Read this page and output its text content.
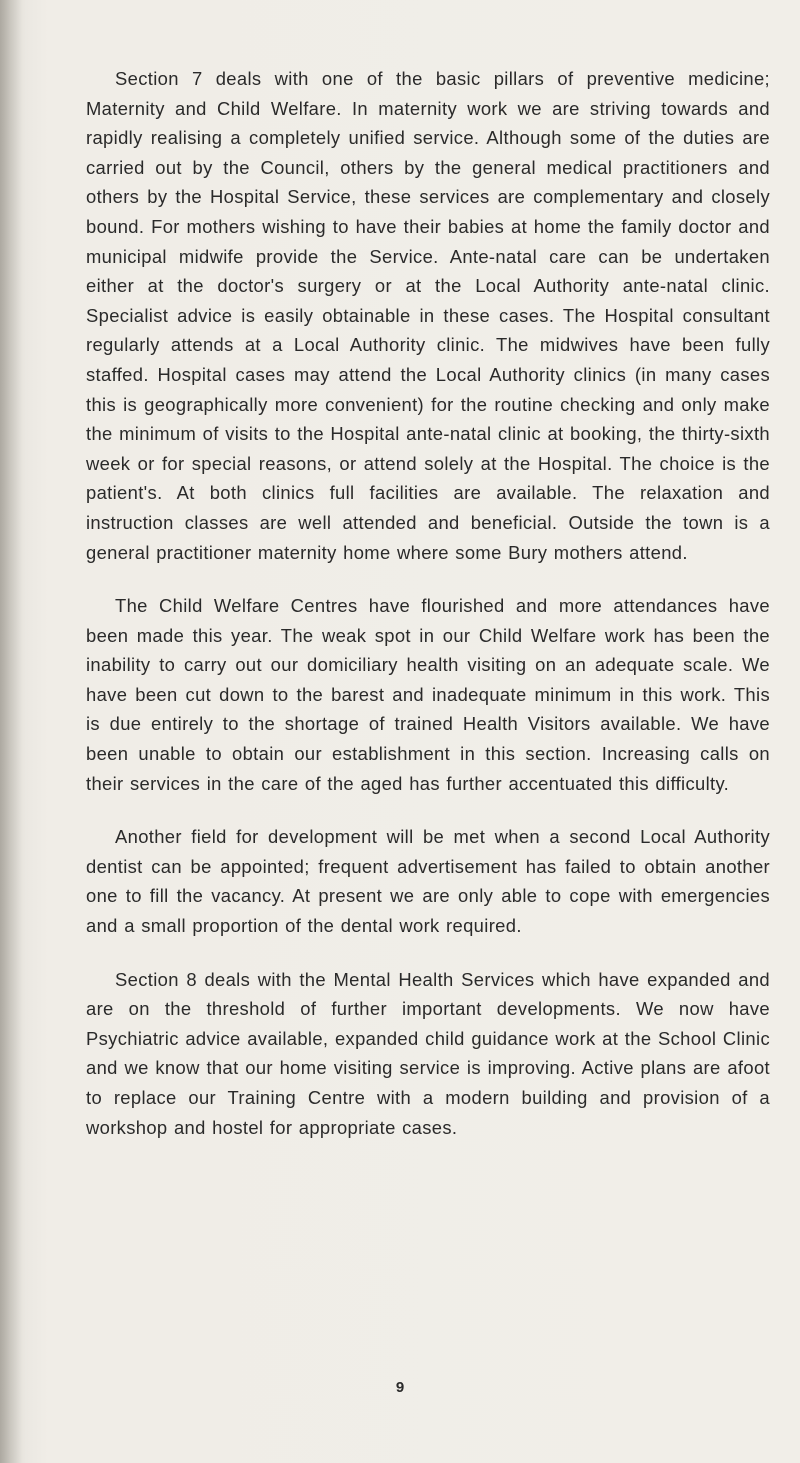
Section 7 deals with one of the basic pillars of preventive medicine; Maternity and Child Welfare. In maternity work we are striving towards and rapidly realising a completely unified service. Although some of the duties are carried out by the Council, others by the general medical practitioners and others by the Hospital Service, these services are complementary and closely bound. For mothers wishing to have their babies at home the family doctor and municipal midwife provide the Service. Ante-natal care can be undertaken either at the doctor's surgery or at the Local Authority ante-natal clinic. Specialist advice is easily obtainable in these cases. The Hospital consultant regularly attends at a Local Authority clinic. The midwives have been fully staffed. Hospital cases may attend the Local Authority clinics (in many cases this is geographically more convenient) for the routine checking and only make the minimum of visits to the Hospital ante-natal clinic at booking, the thirty-sixth week or for special reasons, or attend solely at the Hospital. The choice is the patient's. At both clinics full facilities are available. The relaxation and instruction classes are well attended and beneficial. Outside the town is a general practitioner maternity home where some Bury mothers attend.

The Child Welfare Centres have flourished and more attendances have been made this year. The weak spot in our Child Welfare work has been the inability to carry out our domiciliary health visiting on an adequate scale. We have been cut down to the barest and inadequate minimum in this work. This is due entirely to the shortage of trained Health Visitors available. We have been unable to obtain our establishment in this section. Increasing calls on their services in the care of the aged has further accentuated this difficulty.

Another field for development will be met when a second Local Authority dentist can be appointed; frequent advertisement has failed to obtain another one to fill the vacancy. At present we are only able to cope with emergencies and a small proportion of the dental work required.

Section 8 deals with the Mental Health Services which have expanded and are on the threshold of further important developments. We now have Psychiatric advice available, expanded child guidance work at the School Clinic and we know that our home visiting service is improving. Active plans are afoot to replace our Training Centre with a modern building and provision of a workshop and hostel for appropriate cases.

9
